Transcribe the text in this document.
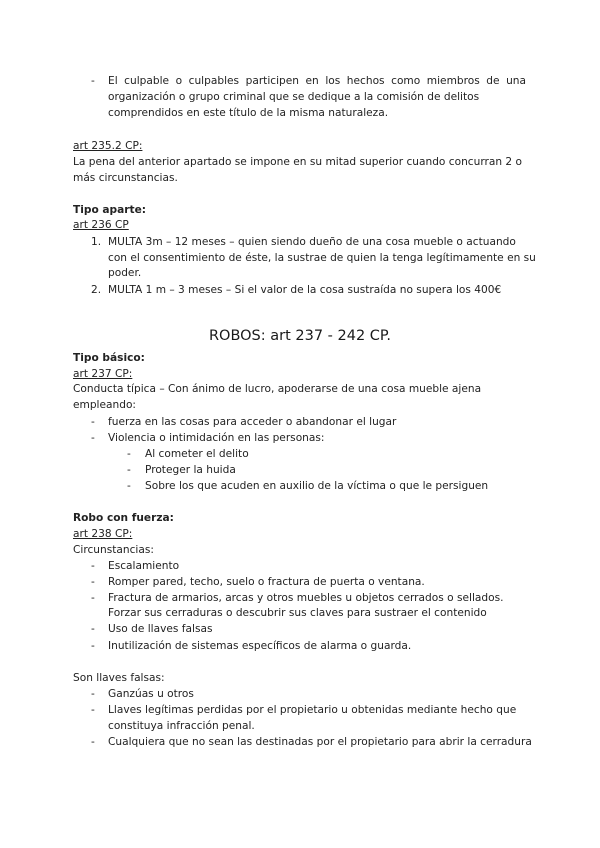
- El culpable o culpables participen en los hechos como miembros de una
organización o grupo criminal que se dedique a la comisión de delitos
comprendidos en este título de la misma naturaleza.
art 235.2 CP:
La pena del anterior apartado se impone en su mitad superior cuando concurran 2 o
más circunstancias.
Tipo aparte:
art 236 CP
1. MULTA 3m – 12 meses – quien siendo dueño de una cosa mueble o actuando
con el consentimiento de éste, la sustrae de quien la tenga legítimamente en su
poder.
2. MULTA 1 m – 3 meses – Si el valor de la cosa sustraída no supera los 400€
ROBOS: art 237 - 242 CP.
Tipo básico:
art 237 CP:
Conducta típica – Con ánimo de lucro, apoderarse de una cosa mueble ajena
empleando:
- fuerza en las cosas para acceder o abandonar el lugar
- Violencia o intimidación en las personas:
- Al cometer el delito
- Proteger la huida
- Sobre los que acuden en auxilio de la víctima o que le persiguen
Robo con fuerza:
art 238 CP:
Circunstancias:
- Escalamiento
- Romper pared, techo, suelo o fractura de puerta o ventana.
- Fractura de armarios, arcas y otros muebles u objetos cerrados o sellados.
Forzar sus cerraduras o descubrir sus claves para sustraer el contenido
- Uso de llaves falsas
- Inutilización de sistemas específicos de alarma o guarda.
Son llaves falsas:
- Ganzúas u otros
- Llaves legítimas perdidas por el propietario u obtenidas mediante hecho que
constituya infracción penal.
- Cualquiera que no sean las destinadas por el propietario para abrir la cerradura
